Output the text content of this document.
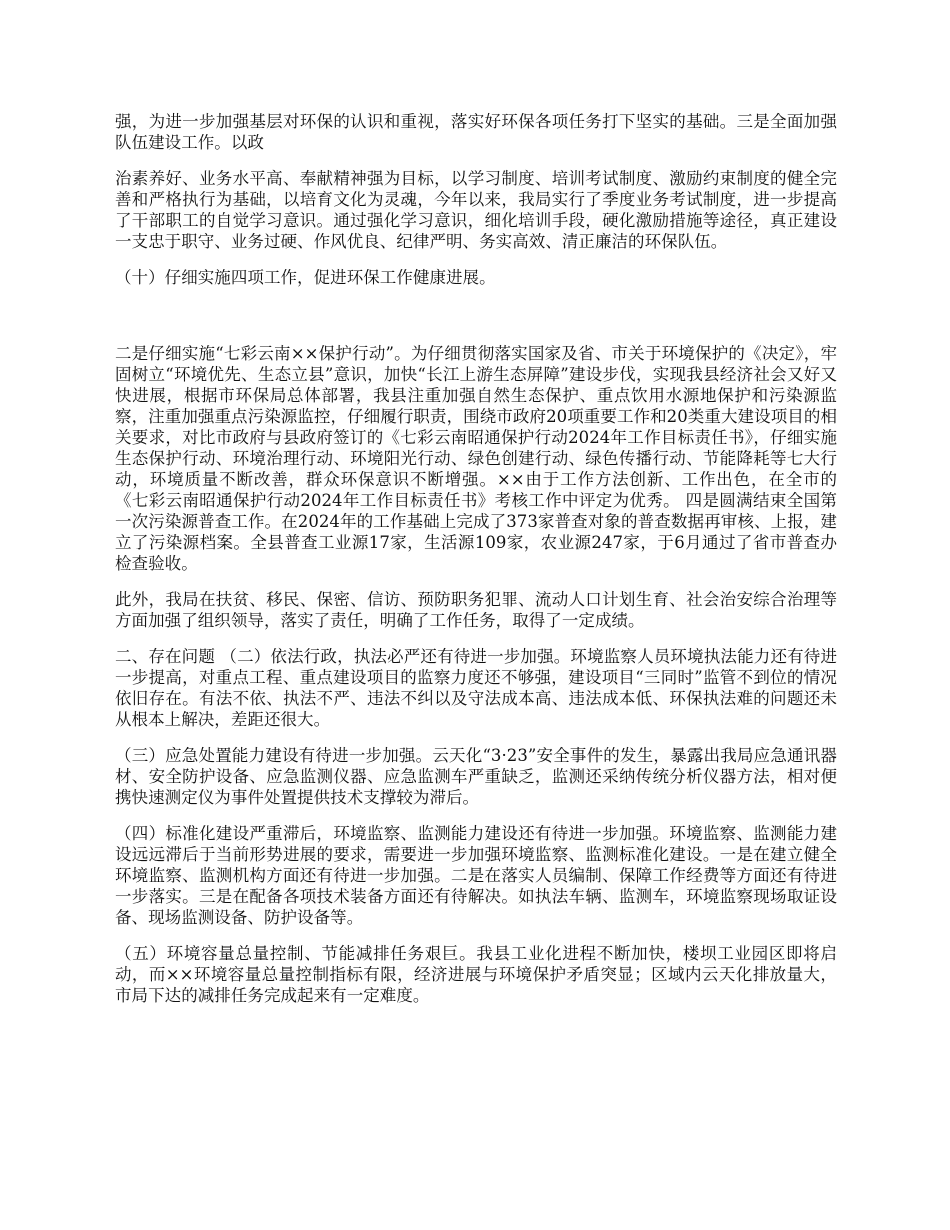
强，为进一步加强基层对环保的认识和重视，落实好环保各项任务打下坚实的基础。三是全面加强队伍建设工作。以政

治素养好、业务水平高、奉献精神强为目标，以学习制度、培训考试制度、激励约束制度的健全完善和严格执行为基础，以培育文化为灵魂，今年以来，我局实行了季度业务考试制度，进一步提高了干部职工的自觉学习意识。通过强化学习意识，细化培训手段，硬化激励措施等途径，真正建设一支忠于职守、业务过硬、作风优良、纪律严明、务实高效、清正廉洁的环保队伍。

（十）仔细实施四项工作，促进环保工作健康进展。

二是仔细实施“七彩云南××保护行动”。为仔细贯彻落实国家及省、市关于环境保护的《决定》，牢固树立“环境优先、生态立县”意识，加快“长江上游生态屏障”建设步伐，实现我县经济社会又好又快进展，根据市环保局总体部署，我县注重加强自然生态保护、重点饮用水源地保护和污染源监察，注重加强重点污染源监控，仔细履行职责，围绕市政府20项重要工作和20类重大建设项目的相关要求，对比市政府与县政府签订的《七彩云南昭通保护行动2024年工作目标责任书》，仔细实施生态保护行动、环境治理行动、环境阳光行动、绿色创建行动、绿色传播行动、节能降耗等七大行动，环境质量不断改善，群众环保意识不断增强。××由于工作方法创新、工作出色，在全市的《七彩云南昭通保护行动2024年工作目标责任书》考核工作中评定为优秀。 四是圆满结束全国第一次污染源普查工作。在2024年的工作基础上完成了373家普查对象的普查数据再审核、上报，建立了污染源档案。全县普查工业源17家，生活源109家，农业源247家，于6月通过了省市普查办检查验收。

此外，我局在扶贫、移民、保密、信访、预防职务犯罪、流动人口计划生育、社会治安综合治理等方面加强了组织领导，落实了责任，明确了工作任务，取得了一定成绩。

二、存在问题 （二）依法行政，执法必严还有待进一步加强。环境监察人员环境执法能力还有待进一步提高，对重点工程、重点建设项目的监察力度还不够强，建设项目“三同时”监管不到位的情况依旧存在。有法不依、执法不严、违法不纠以及守法成本高、违法成本低、环保执法难的问题还未从根本上解决，差距还很大。

（三）应急处置能力建设有待进一步加强。云天化“3·23”安全事件的发生，暴露出我局应急通讯器材、安全防护设备、应急监测仪器、应急监测车严重缺乏，监测还采纳传统分析仪器方法，相对便携快速测定仪为事件处置提供技术支撑较为滞后。

（四）标准化建设严重滞后，环境监察、监测能力建设还有待进一步加强。环境监察、监测能力建设远远滞后于当前形势进展的要求，需要进一步加强环境监察、监测标准化建设。一是在建立健全环境监察、监测机构方面还有待进一步加强。二是在落实人员编制、保障工作经费等方面还有待进一步落实。三是在配备各项技术装备方面还有待解决。如执法车辆、监测车，环境监察现场取证设备、现场监测设备、防护设备等。

（五）环境容量总量控制、节能减排任务艰巨。我县工业化进程不断加快，楼坝工业园区即将启动，而××环境容量总量控制指标有限，经济进展与环境保护矛盾突显；区域内云天化排放量大，市局下达的减排任务完成起来有一定难度。
